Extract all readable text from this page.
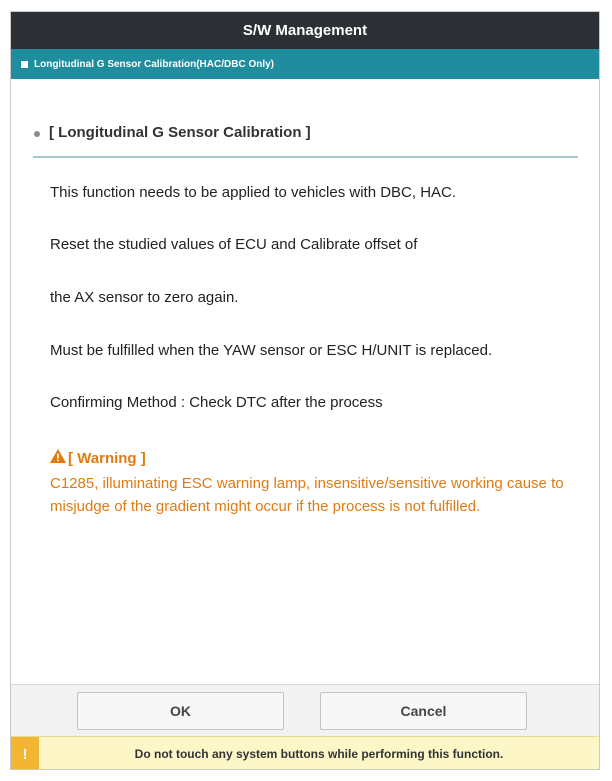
S/W Management
Longitudinal G Sensor Calibration(HAC/DBC Only)
[ Longitudinal G Sensor Calibration ]
This function needs to be applied to vehicles with DBC, HAC.
Reset the studied values of ECU and Calibrate offset of
the AX sensor to zero again.
Must be fulfilled when the YAW sensor or ESC H/UNIT is replaced.
Confirming Method : Check DTC after the process
[ Warning ]
C1285, illuminating ESC warning lamp, insensitive/sensitive working cause to misjudge of the gradient might occur if the process is not fulfilled.
OK	Cancel
!	Do not touch any system buttons while performing this function.
